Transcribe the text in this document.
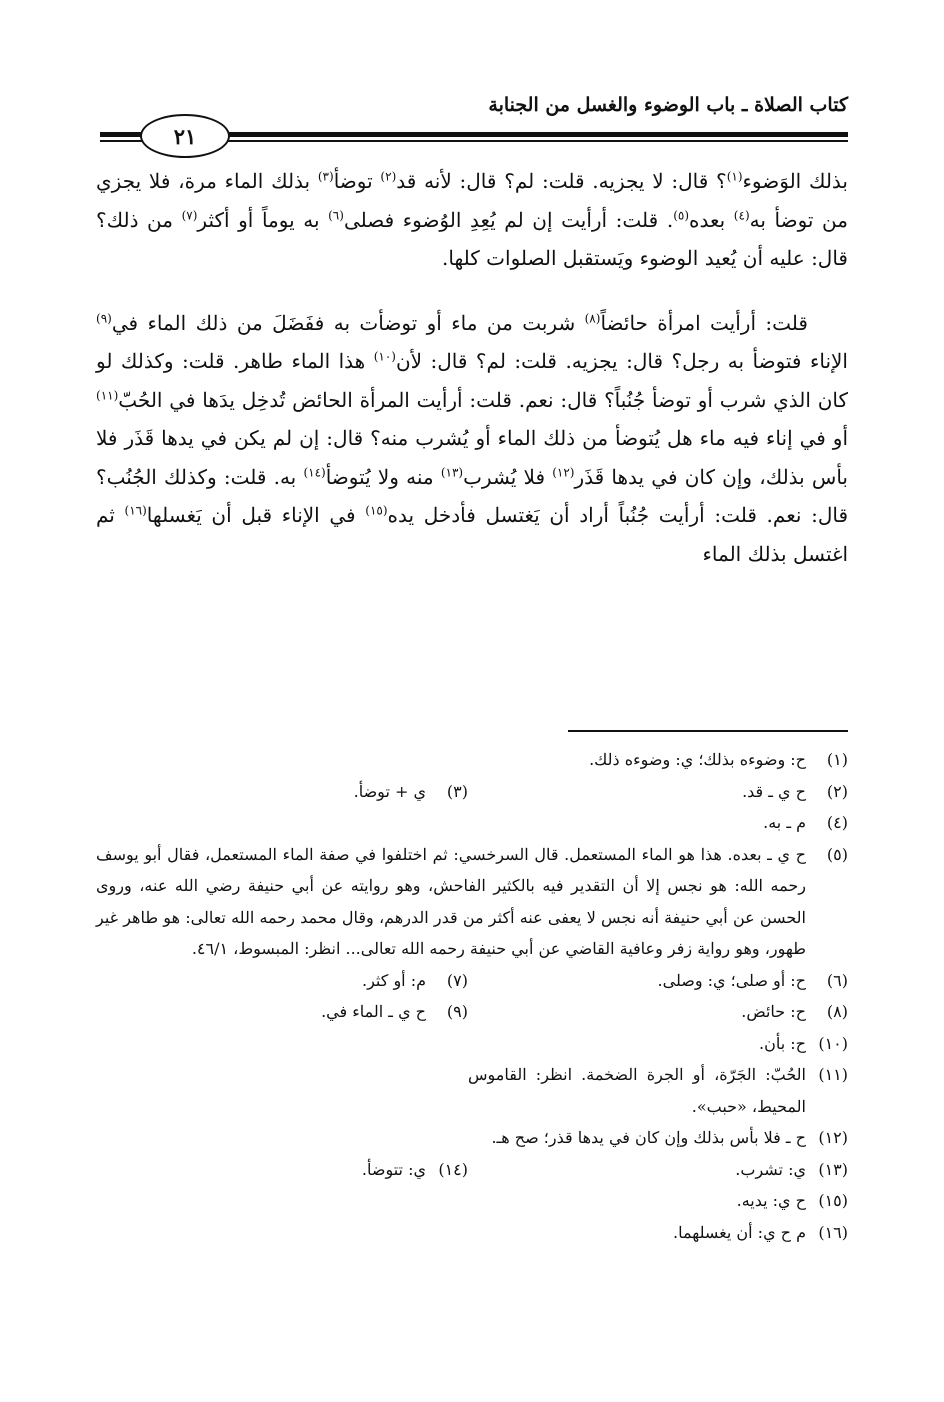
كتاب الصلاة ـ باب الوضوء والغسل من الجنابة
٢١

بذلك الوَضوء$^{(١)}$؟ قال: لا يجزيه. قلت: لم؟ قال: لأنه قد$^{(٢)}$ توضأ$^{(٣)}$ بذلك الماء مرة، فلا يجزي من توضأ به$^{(٤)}$ بعده$^{(٥)}$. قلت: أرأيت إن لم يُعِدِ الوُضوء فصلى$^{(٦)}$ به يوماً أو أكثر$^{(٧)}$ من ذلك؟ قال: عليه أن يُعيد الوضوء ويَستقبل الصلوات كلها.

قلت: أرأيت امرأة حائضاً$^{(٨)}$ شربت من ماء أو توضأت به ففَضَلَ من ذلك الماء في$^{(٩)}$ الإناء فتوضأ به رجل؟ قال: يجزيه. قلت: لم؟ قال: لأن$^{(١٠)}$ هذا الماء طاهر. قلت: وكذلك لو كان الذي شرب أو توضأ جُنُباً؟ قال: نعم. قلت: أرأيت المرأة الحائض تُدخِل يدَها في الحُبّ$^{(١١)}$ أو في إناء فيه ماء هل يُتوضأ من ذلك الماء أو يُشرب منه؟ قال: إن لم يكن في يدها قَذَر فلا بأس بذلك، وإن كان في يدها قَذَر$^{(١٢)}$ فلا يُشرب$^{(١٣)}$ منه ولا يُتوضأ$^{(١٤)}$ به. قلت: وكذلك الجُنُب؟ قال: نعم. قلت: أرأيت جُنُباً أراد أن يَغتسل فأدخل يده$^{(١٥)}$ في الإناء قبل أن يَغسلها$^{(١٦)}$ ثم اغتسل بذلك الماء

(١)
ح: وضوءه بذلك؛ ي: وضوءه ذلك.
(٢)
ح ي ـ قد.
(٣)
ي + توضأ.
(٤)
م ـ به.
(٥)
ح ي ـ بعده. هذا هو الماء المستعمل. قال السرخسي: ثم اختلفوا في صفة الماء المستعمل، فقال أبو يوسف رحمه الله: هو نجس إلا أن التقدير فيه بالكثير الفاحش، وهو روايته عن أبي حنيفة رضي الله عنه، وروى الحسن عن أبي حنيفة أنه نجس لا يعفى عنه أكثر من قدر الدرهم، وقال محمد رحمه الله تعالى: هو طاهر غير طهور، وهو رواية زفر وعافية القاضي عن أبي حنيفة رحمه الله تعالى... انظر: المبسوط، ٤٦/١.
(٦)
ح: أو صلى؛ ي: وصلى.
(٧)
م: أو كثر.
(٨)
ح: حائض.
(٩)
ح ي ـ الماء في.
(١٠)
ح: بأن.
(١١)
الحُبّ: الجَرّة، أو الجرة الضخمة. انظر: القاموس المحيط، «حبب».
(١٢)
ح ـ فلا بأس بذلك وإن كان في يدها قذر؛ صح هـ.
(١٣)
ي: تشرب.
(١٤)
ي: تتوضأ.
(١٥)
ح ي: يديه.
(١٦)
م ح ي: أن يغسلهما.
